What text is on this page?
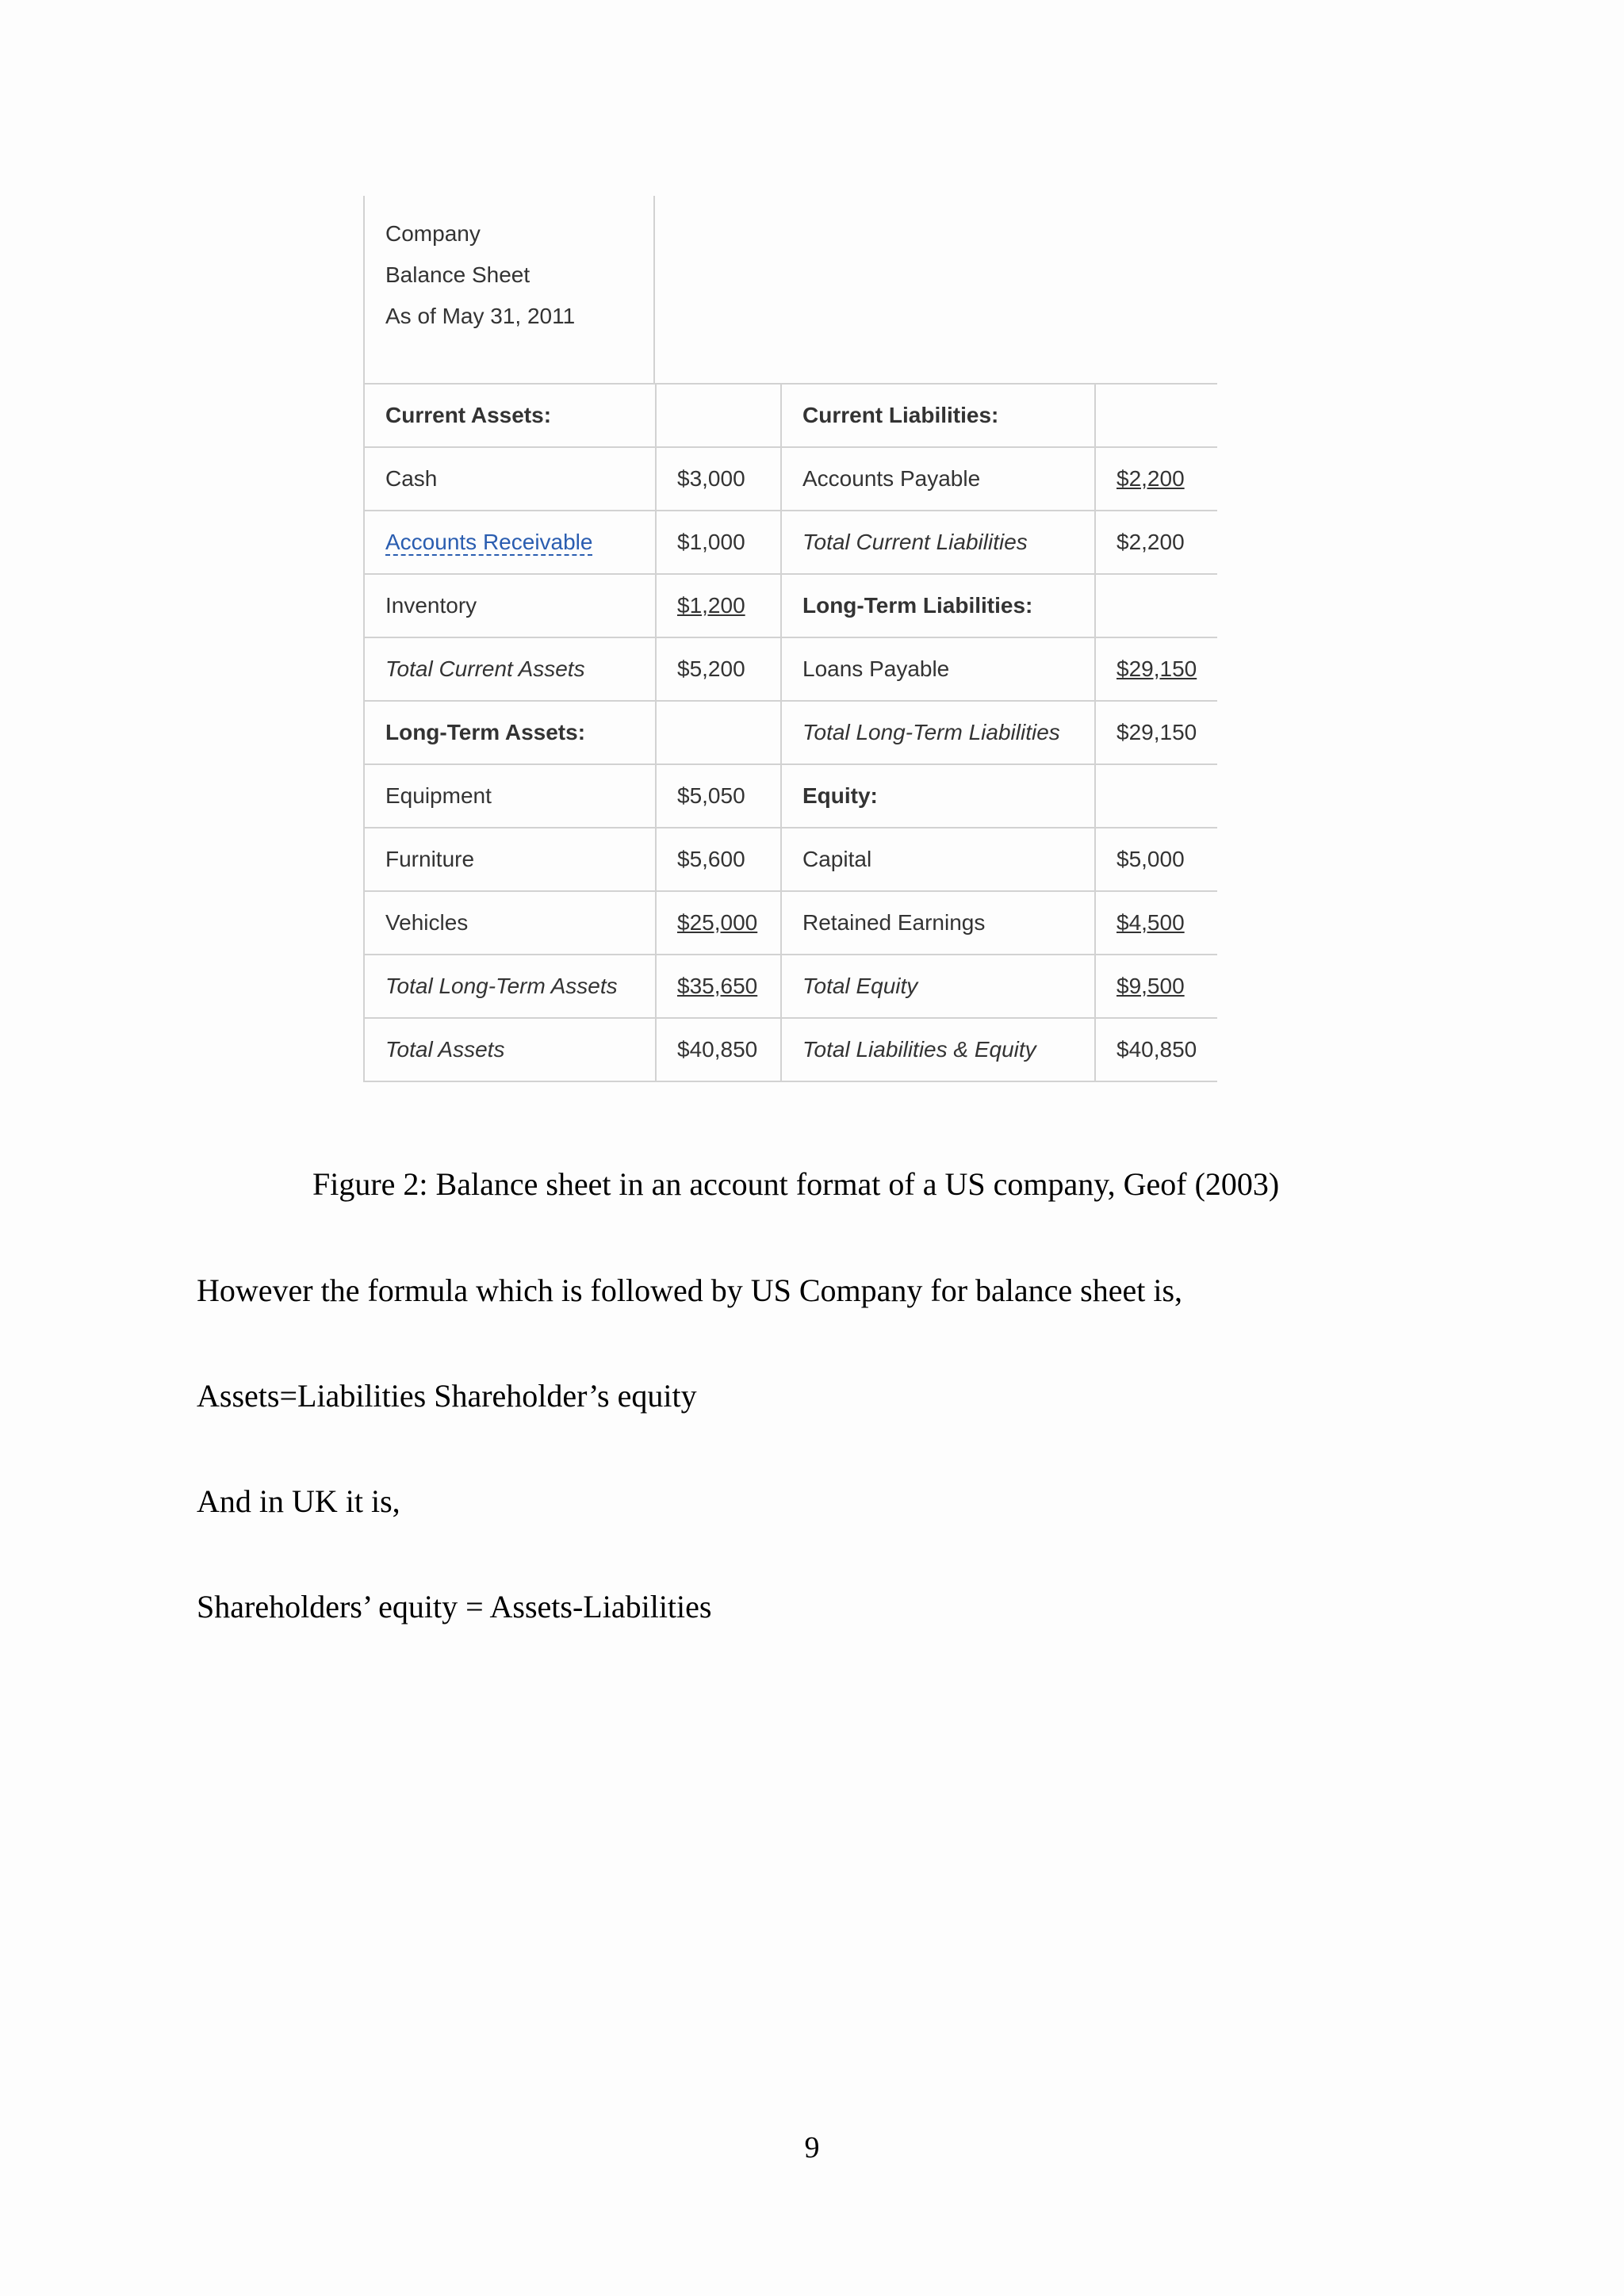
Company
Balance Sheet
As of May 31, 2011
Current Assets:		Current Liabilities:	
Cash	$3,000	Accounts Payable	$2,200
Accounts Receivable	$1,000	Total Current Liabilities	$2,200
Inventory	$1,200	Long-Term Liabilities:	
Total Current Assets	$5,200	Loans Payable	$29,150
Long-Term Assets:		Total Long-Term Liabilities	$29,150
Equipment	$5,050	Equity:	
Furniture	$5,600	Capital	$5,000
Vehicles	$25,000	Retained Earnings	$4,500
Total Long-Term Assets	$35,650	Total Equity	$9,500
Total Assets	$40,850	Total Liabilities & Equity	$40,850
Figure 2: Balance sheet in an account format of a US company, Geof (2003)
However the formula which is followed by US Company for balance sheet is,
Assets=Liabilities Shareholder’s equity
And in UK it is,
Shareholders’ equity = Assets-Liabilities
9
